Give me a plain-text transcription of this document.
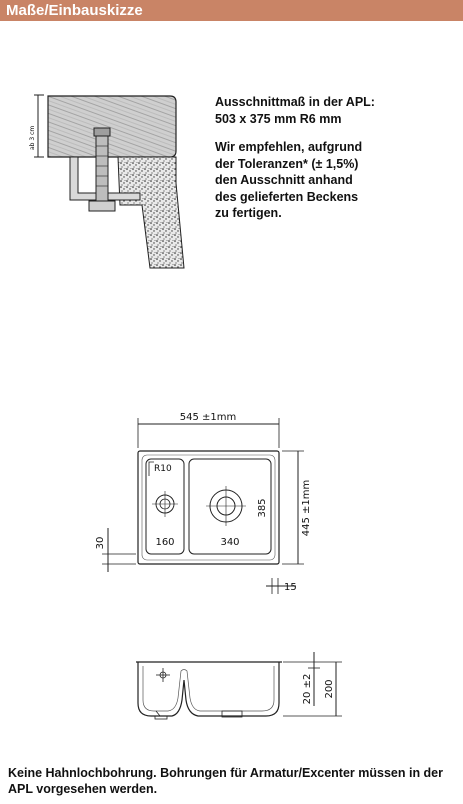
Maße/Einbauskizze
ab 3 cm

Ausschnittmaß in der APL:
503 x 375 mm R6 mm

Wir empfehlen, aufgrund
der Toleranzen* (± 1,5%)
den Ausschnitt anhand
des gelieferten Beckens
zu fertigen.

545 ±1mm
R10
160	340
385	445 ±1mm
30
15
20 ±2 200
Keine Hahnlochbohrung. Bohrungen für Armatur/Excenter müssen in der APL vorgesehen werden.
